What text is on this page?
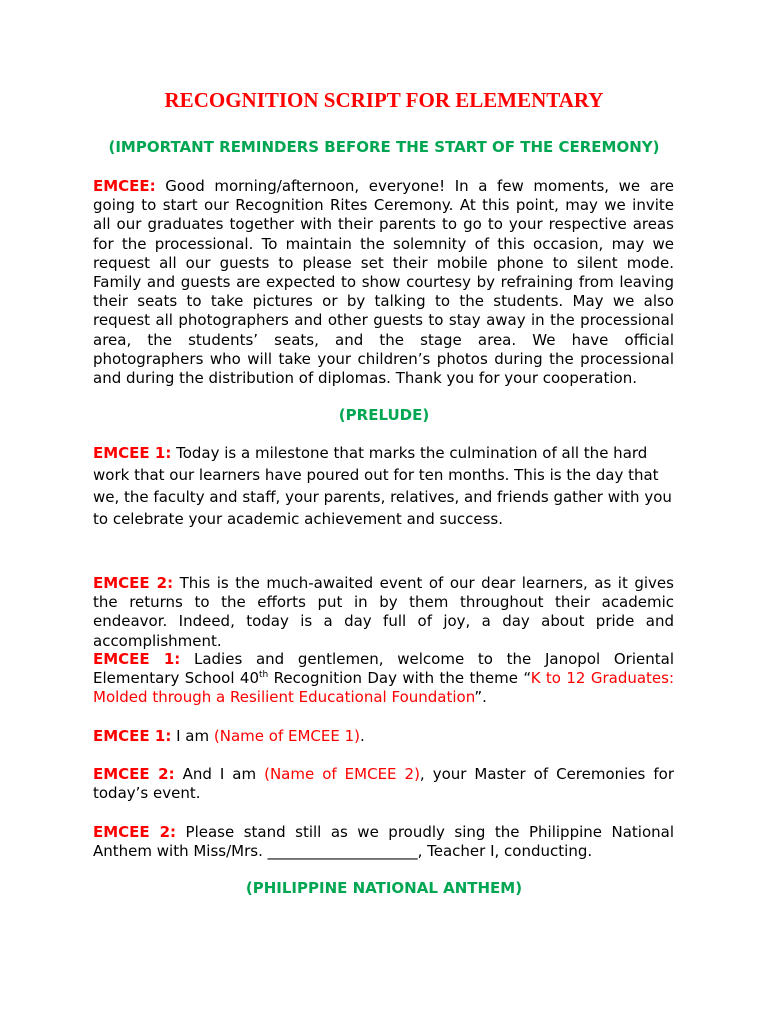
RECOGNITION SCRIPT FOR ELEMENTARY

(IMPORTANT REMINDERS BEFORE THE START OF THE CEREMONY)

EMCEE: Good morning/afternoon, everyone! In a few moments, we are going to start our Recognition Rites Ceremony. At this point, may we invite all our graduates together with their parents to go to your respective areas for the processional. To maintain the solemnity of this occasion, may we request all our guests to please set their mobile phone to silent mode. Family and guests are expected to show courtesy by refraining from leaving their seats to take pictures or by talking to the students. May we also request all photographers and other guests to stay away in the processional area, the students’ seats, and the stage area. We have official photographers who will take your children’s photos during the processional and during the distribution of diplomas. Thank you for your cooperation.

(PRELUDE)

EMCEE 1: Today is a milestone that marks the culmination of all the hard work that our learners have poured out for ten months. This is the day that we, the faculty and staff, your parents, relatives, and friends gather with you to celebrate your academic achievement and success.

EMCEE 2: This is the much-awaited event of our dear learners, as it gives the returns to the efforts put in by them throughout their academic endeavor. Indeed, today is a day full of joy, a day about pride and accomplishment.

EMCEE 1: Ladies and gentlemen, welcome to the Janopol Oriental Elementary School 40th Recognition Day with the theme “K to 12 Graduates: Molded through a Resilient Educational Foundation”.

EMCEE 1: I am (Name of EMCEE 1).

EMCEE 2: And I am (Name of EMCEE 2), your Master of Ceremonies for today’s event.

EMCEE 2: Please stand still as we proudly sing the Philippine National Anthem with Miss/Mrs. ____________________, Teacher I, conducting.

(PHILIPPINE NATIONAL ANTHEM)
